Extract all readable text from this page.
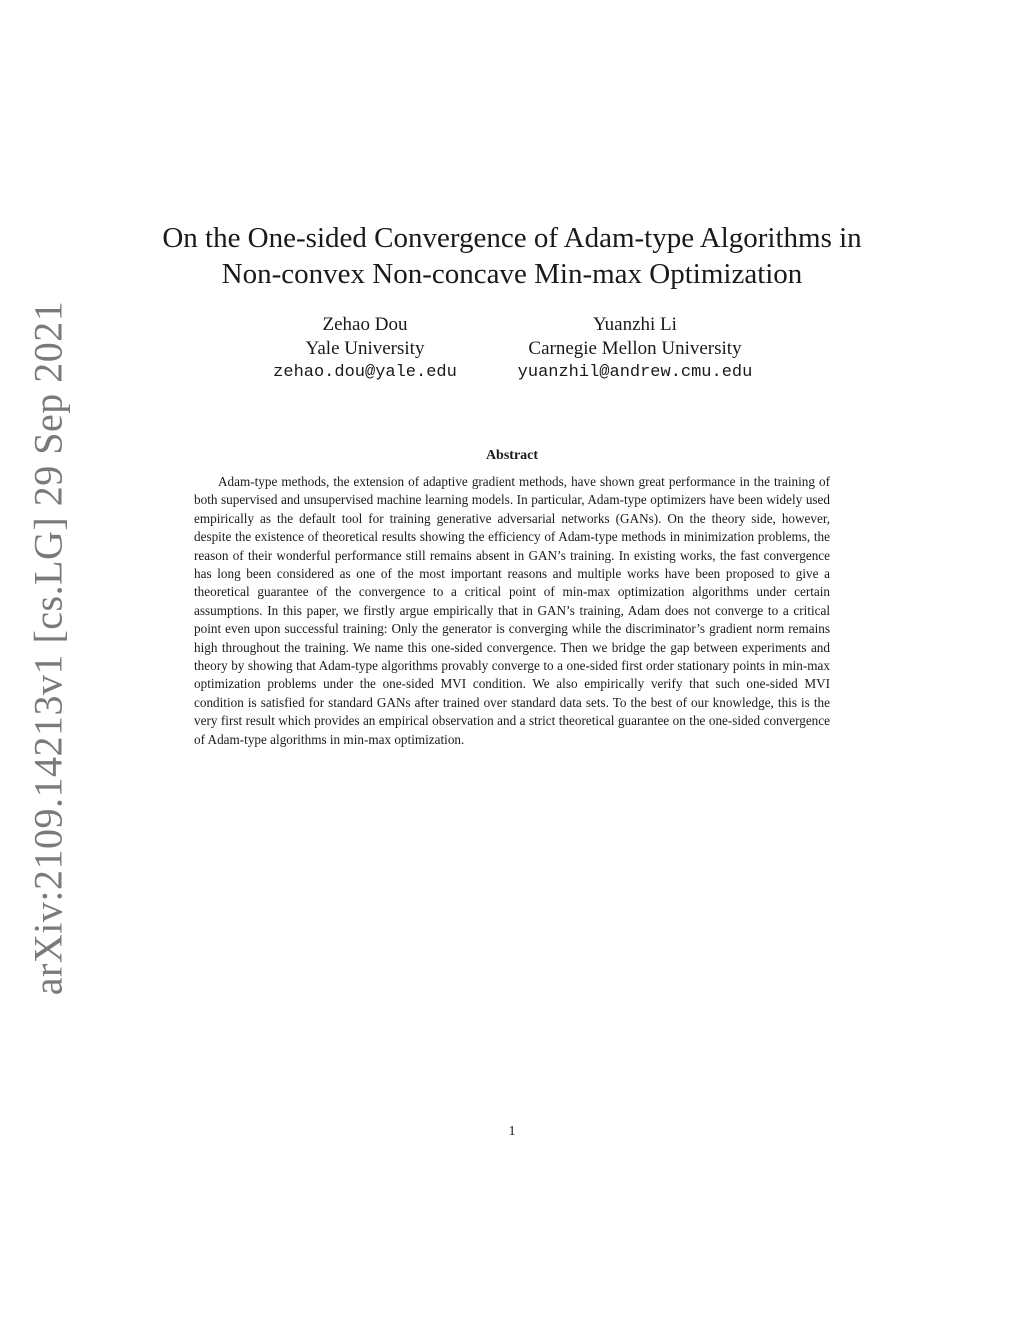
arXiv:2109.14213v1 [cs.LG] 29 Sep 2021
On the One-sided Convergence of Adam-type Algorithms in
Non-convex Non-concave Min-max Optimization
Zehao Dou
Yale University
zehao.dou@yale.edu
Yuanzhi Li
Carnegie Mellon University
yuanzhil@andrew.cmu.edu
Abstract
Adam-type methods, the extension of adaptive gradient methods, have shown great performance in the training of both supervised and unsupervised machine learning models. In particular, Adam-type optimizers have been widely used empirically as the default tool for training generative adversarial networks (GANs). On the theory side, however, despite the existence of theoretical results showing the efficiency of Adam-type methods in minimization problems, the reason of their wonderful performance still remains absent in GAN’s training. In existing works, the fast convergence has long been considered as one of the most important reasons and multiple works have been proposed to give a theoretical guarantee of the convergence to a critical point of min-max optimization algorithms under certain assumptions. In this paper, we firstly argue empirically that in GAN’s training, Adam does not converge to a critical point even upon successful training: Only the generator is converging while the discriminator’s gradient norm remains high throughout the training. We name this one-sided convergence. Then we bridge the gap between experiments and theory by showing that Adam-type algorithms provably converge to a one-sided first order stationary points in min-max optimization problems under the one-sided MVI condition. We also empirically verify that such one-sided MVI condition is satisfied for standard GANs after trained over standard data sets. To the best of our knowledge, this is the very first result which provides an empirical observation and a strict theoretical guarantee on the one-sided convergence of Adam-type algorithms in min-max optimization.
1
